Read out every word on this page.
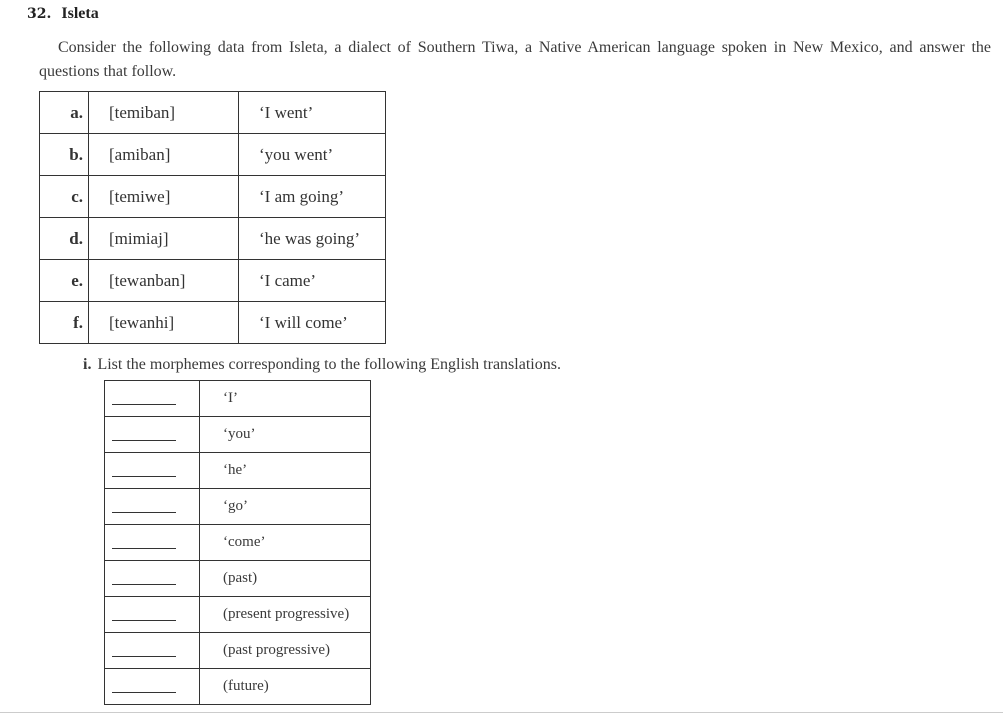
32. Isleta
Consider the following data from Isleta, a dialect of Southern Tiwa, a Native American language spoken in New Mexico, and answer the questions that follow.
a.	[temiban]	‘I went’
b.	[amiban]	‘you went’
c.	[temiwe]	‘I am going’
d.	[mimiaj]	‘he was going’
e.	[tewanban]	‘I came’
f.	[tewanhi]	‘I will come’
i. List the morphemes corresponding to the following English translations.
	‘I’

	‘you’

	‘he’

	‘go’

	‘come’

	(past)

	(present progressive)

	(past progressive)

	(future)
